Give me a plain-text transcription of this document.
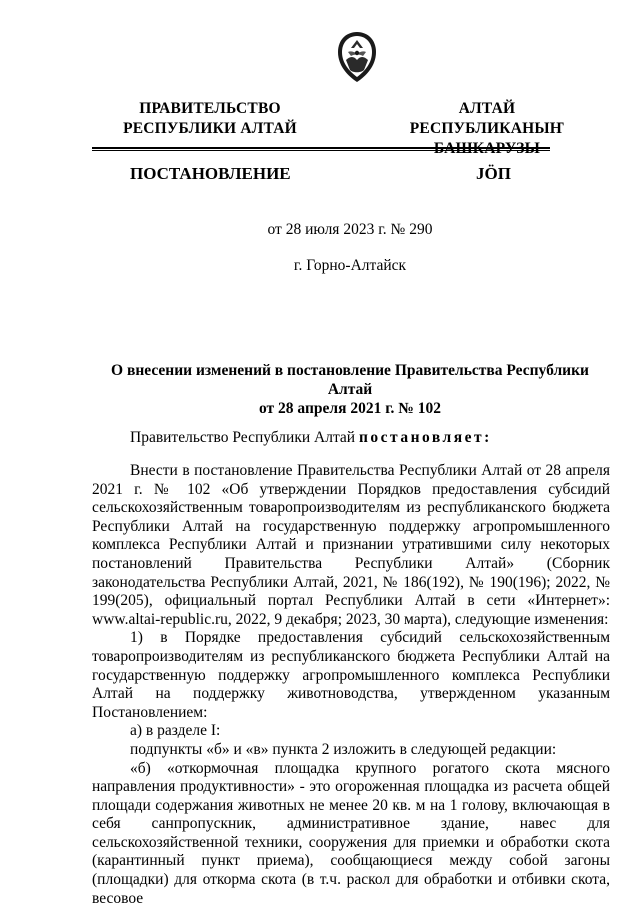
ПРАВИТЕЛЬСТВО
РЕСПУБЛИКИ АЛТАЙ
АЛТАЙ РЕСПУБЛИКАНЫҤ
ПОСТАНОВЛЕНИЕ	JӦП
от 28 июля 2023 г. № 290
г. Горно-Алтайск
О внесении изменений в постановление Правительства Республики Алтай
от 28 апреля 2021 г. № 102
Правительство Республики Алтай постановляет:

Внести в постановление Правительства Республики Алтай от 28 апреля 2021 г. № 102 «Об утверждении Порядков предоставления субсидий сельскохозяйственным товаропроизводителям из республиканского бюджета Республики Алтай на государственную поддержку агропромышленного комплекса Республики Алтай и признании утратившими силу некоторых постановлений Правительства Республики Алтай» (Сборник законодательства Республики Алтай, 2021, № 186(192), № 190(196); 2022, № 199(205), официальный портал Республики Алтай в сети «Интернет»: www.altai-republic.ru, 2022, 9 декабря; 2023, 30 марта), следующие изменения:

1) в Порядке предоставления субсидий сельскохозяйственным товаропроизводителям из республиканского бюджета Республики Алтай на государственную поддержку агропромышленного комплекса Республики Алтай на поддержку животноводства, утвержденном указанным Постановлением:

а) в разделе I:

подпункты «б» и «в» пункта 2 изложить в следующей редакции:

«б) «откормочная площадка крупного рогатого скота мясного направления продуктивности» - это огороженная площадка из расчета общей площади содержания животных не менее 20 кв. м на 1 голову, включающая в себя санпропускник, административное здание, навес для сельскохозяйственной техники, сооружения для приемки и обработки скота (карантинный пункт приема), сообщающиеся между собой загоны (площадки) для откорма скота (в т.ч. раскол для обработки и отбивки скота, весовое
